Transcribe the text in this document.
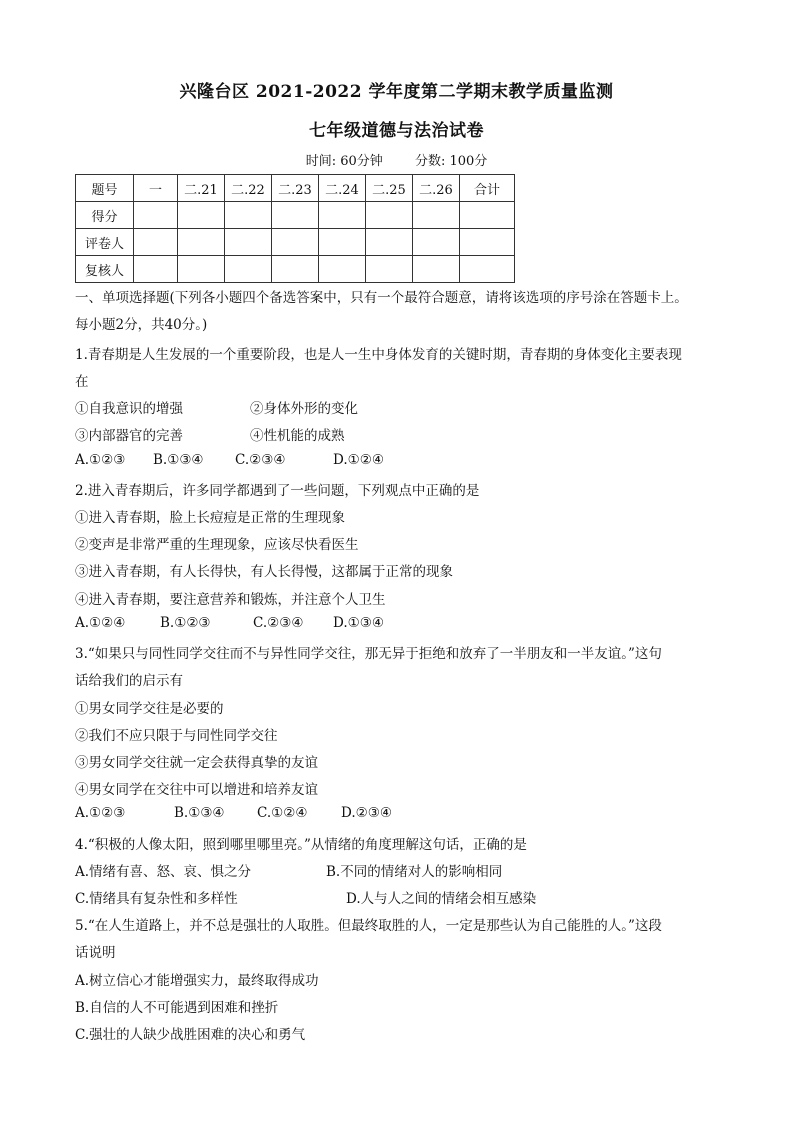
兴隆台区 2021-2022 学年度第二学期末教学质量监测
七年级道德与法治试卷
时间: 60分钟 分数: 100分
题号	一	二.21	二.22	二.23	二.24	二.25	二.26	合计
得分								
评卷人								
复核人								
一、单项选择题(下列各小题四个备选答案中，只有一个最符合题意，请将该选项的序号涂在答题卡上。
每小题2分，共40分。)
1.青春期是人生发展的一个重要阶段，也是人一生中身体发育的关键时期，青春期的身体变化主要表现
在
①自我意识的增强	②身体外形的变化
③内部器官的完善	④性机能的成熟
A.①②③ B.①③④ C.②③④	D.①②④
2.进入青春期后，许多同学都遇到了一些问题，下列观点中正确的是
①进入青春期，脸上长痘痘是正常的生理现象
②变声是非常严重的生理现象，应该尽快看医生
③进入青春期，有人长得快，有人长得慢，这都属于正常的现象
④进入青春期，要注意营养和锻炼，并注意个人卫生
A.①②④	B.①②③	C.②③④ D.①③④
3.“如果只与同性同学交往而不与异性同学交往，那无异于拒绝和放弃了一半朋友和一半友谊。”这句
话给我们的启示有
①男女同学交往是必要的
②我们不应只限于与同性同学交往
③男女同学交往就一定会获得真挚的友谊
④男女同学在交往中可以增进和培养友谊
A.①②③	B.①③④ C.①②④ D.②③④
4.“积极的人像太阳，照到哪里哪里亮。”从情绪的角度理解这句话，正确的是
A.情绪有喜、怒、哀、惧之分	B.不同的情绪对人的影响相同
C.情绪具有复杂性和多样性	D.人与人之间的情绪会相互感染
5.“在人生道路上，并不总是强壮的人取胜。但最终取胜的人，一定是那些认为自己能胜的人。”这段
话说明
A.树立信心才能增强实力，最终取得成功
B.自信的人不可能遇到困难和挫折
C.强壮的人缺少战胜困难的决心和勇气
